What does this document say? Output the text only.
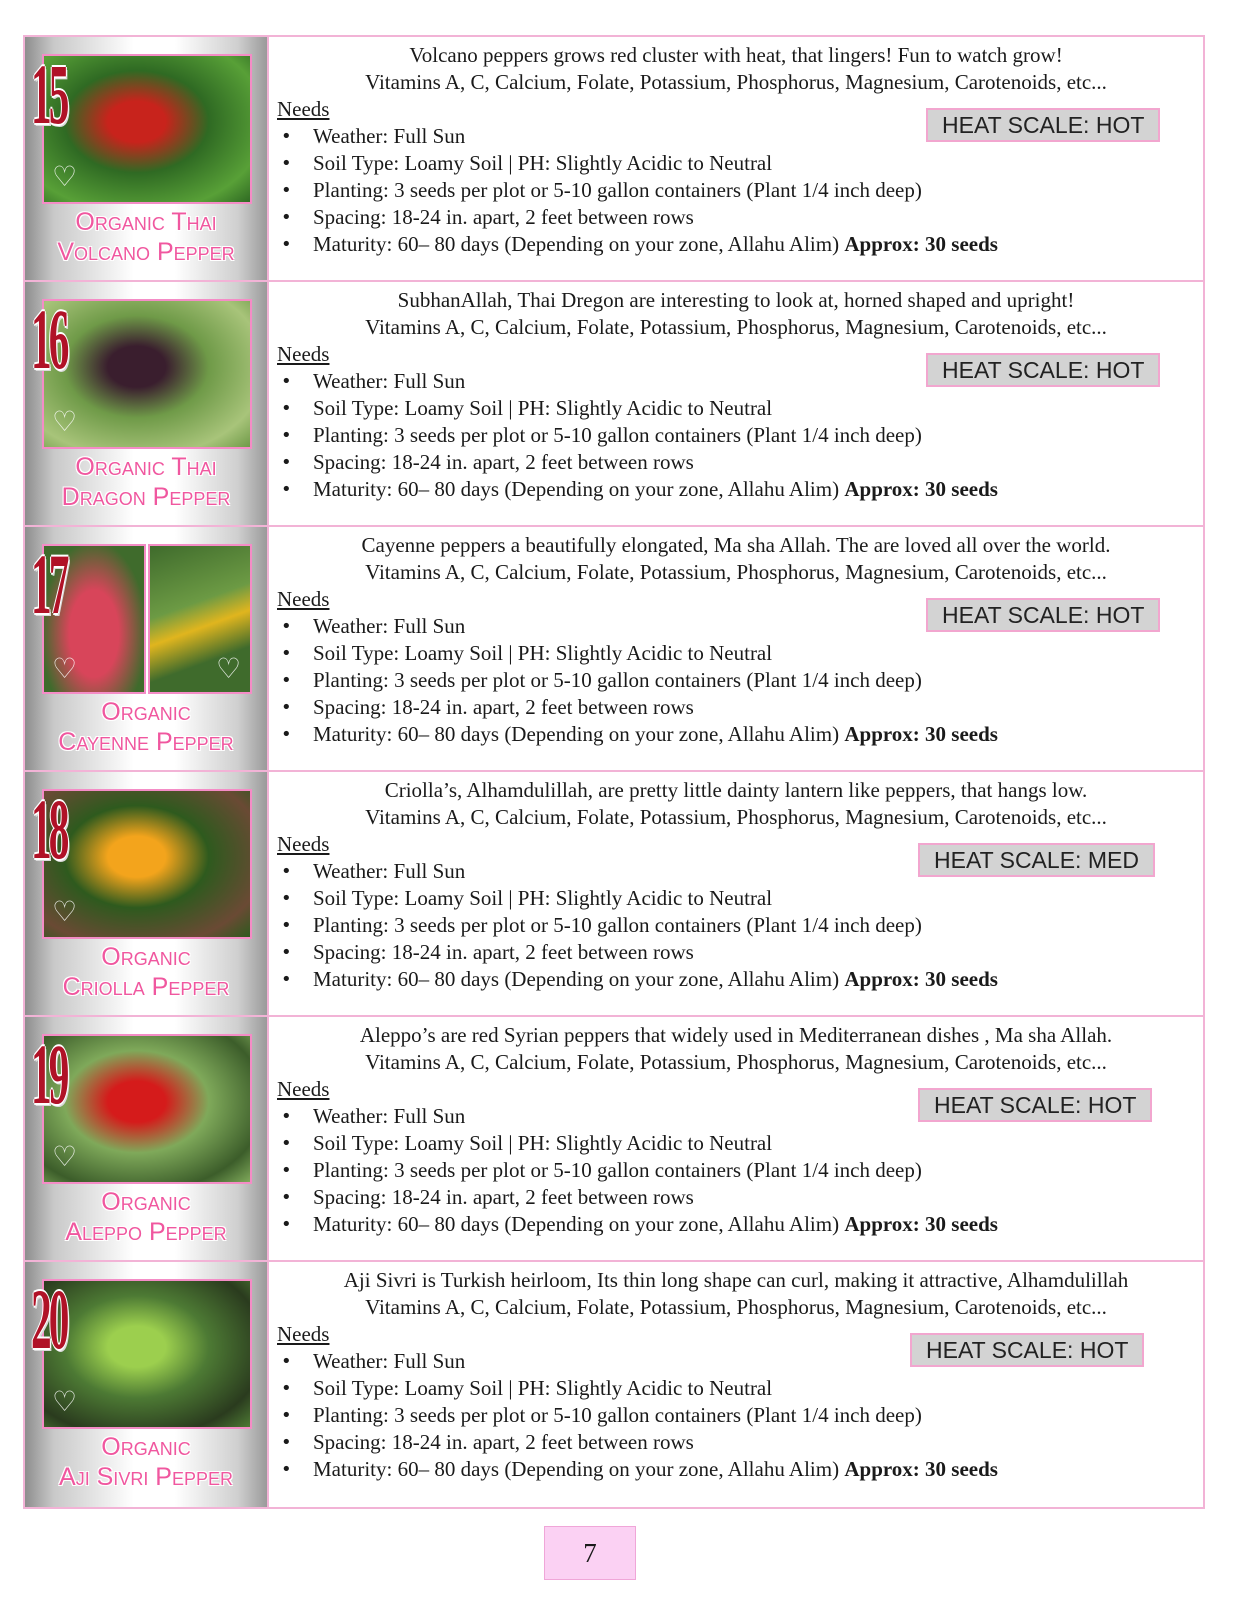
♡
15
Organic Thai
Volcano Pepper
Volcano peppers grows red cluster with heat, that lingers! Fun to watch grow!
Vitamins A, C, Calcium, Folate, Potassium, Phosphorus, Magnesium, Carotenoids, etc...
Needs
• Weather: Full Sun
• Soil Type: Loamy Soil | PH: Slightly Acidic to Neutral
• Planting: 3 seeds per plot or 5-10 gallon containers (Plant 1/4 inch deep)
• Spacing: 18-24 in. apart, 2 feet between rows
• Maturity: 60– 80 days (Depending on your zone, Allahu Alim) Approx: 30 seeds
HEAT SCALE: HOT
♡
16
Organic Thai
Dragon Pepper
SubhanAllah, Thai Dregon are interesting to look at, horned shaped and upright!
Vitamins A, C, Calcium, Folate, Potassium, Phosphorus, Magnesium, Carotenoids, etc...
Needs
• Weather: Full Sun
• Soil Type: Loamy Soil | PH: Slightly Acidic to Neutral
• Planting: 3 seeds per plot or 5-10 gallon containers (Plant 1/4 inch deep)
• Spacing: 18-24 in. apart, 2 feet between rows
• Maturity: 60– 80 days (Depending on your zone, Allahu Alim) Approx: 30 seeds
HEAT SCALE: HOT
♡
♡
17
Organic
Cayenne Pepper
Cayenne peppers a beautifully elongated, Ma sha Allah. The are loved all over the world.
Vitamins A, C, Calcium, Folate, Potassium, Phosphorus, Magnesium, Carotenoids, etc...
Needs
• Weather: Full Sun
• Soil Type: Loamy Soil | PH: Slightly Acidic to Neutral
• Planting: 3 seeds per plot or 5-10 gallon containers (Plant 1/4 inch deep)
• Spacing: 18-24 in. apart, 2 feet between rows
• Maturity: 60– 80 days (Depending on your zone, Allahu Alim) Approx: 30 seeds
HEAT SCALE: HOT
♡
18
Organic
Criolla Pepper
Criolla’s, Alhamdulillah, are pretty little dainty lantern like peppers, that hangs low.
Vitamins A, C, Calcium, Folate, Potassium, Phosphorus, Magnesium, Carotenoids, etc...
Needs
• Weather: Full Sun
• Soil Type: Loamy Soil | PH: Slightly Acidic to Neutral
• Planting: 3 seeds per plot or 5-10 gallon containers (Plant 1/4 inch deep)
• Spacing: 18-24 in. apart, 2 feet between rows
• Maturity: 60– 80 days (Depending on your zone, Allahu Alim) Approx: 30 seeds
HEAT SCALE: MED
♡
19
Organic
Aleppo Pepper
Aleppo’s are red Syrian peppers that widely used in Mediterranean dishes , Ma sha Allah.
Vitamins A, C, Calcium, Folate, Potassium, Phosphorus, Magnesium, Carotenoids, etc...
Needs
• Weather: Full Sun
• Soil Type: Loamy Soil | PH: Slightly Acidic to Neutral
• Planting: 3 seeds per plot or 5-10 gallon containers (Plant 1/4 inch deep)
• Spacing: 18-24 in. apart, 2 feet between rows
• Maturity: 60– 80 days (Depending on your zone, Allahu Alim) Approx: 30 seeds
HEAT SCALE: HOT
♡
20
Organic
Aji Sivri Pepper
Aji Sivri is Turkish heirloom, Its thin long shape can curl, making it attractive, Alhamdulillah
Vitamins A, C, Calcium, Folate, Potassium, Phosphorus, Magnesium, Carotenoids, etc...
Needs
• Weather: Full Sun
• Soil Type: Loamy Soil | PH: Slightly Acidic to Neutral
• Planting: 3 seeds per plot or 5-10 gallon containers (Plant 1/4 inch deep)
• Spacing: 18-24 in. apart, 2 feet between rows
• Maturity: 60– 80 days (Depending on your zone, Allahu Alim) Approx: 30 seeds
HEAT SCALE: HOT
7
